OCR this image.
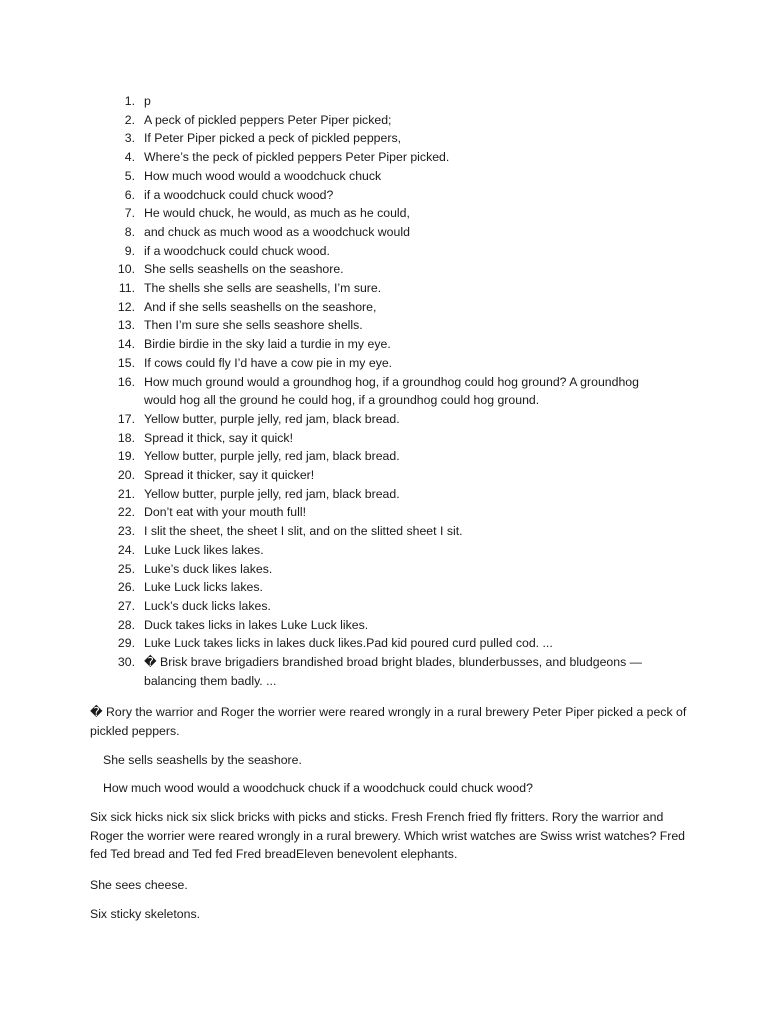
1. p
2. A peck of pickled peppers Peter Piper picked;
3. If Peter Piper picked a peck of pickled peppers,
4. Where’s the peck of pickled peppers Peter Piper picked.
5. How much wood would a woodchuck chuck
6. if a woodchuck could chuck wood?
7. He would chuck, he would, as much as he could,
8. and chuck as much wood as a woodchuck would
9. if a woodchuck could chuck wood.
10. She sells seashells on the seashore.
11. The shells she sells are seashells, I’m sure.
12. And if she sells seashells on the seashore,
13. Then I’m sure she sells seashore shells.
14. Birdie birdie in the sky laid a turdie in my eye.
15. If cows could fly I’d have a cow pie in my eye.
16. How much ground would a groundhog hog, if a groundhog could hog ground? A groundhog would hog all the ground he could hog, if a groundhog could hog ground.
17. Yellow butter, purple jelly, red jam, black bread.
18. Spread it thick, say it quick!
19. Yellow butter, purple jelly, red jam, black bread.
20. Spread it thicker, say it quicker!
21. Yellow butter, purple jelly, red jam, black bread.
22. Don’t eat with your mouth full!
23. I slit the sheet, the sheet I slit, and on the slitted sheet I sit.
24. Luke Luck likes lakes.
25. Luke’s duck likes lakes.
26. Luke Luck licks lakes.
27. Luck’s duck licks lakes.
28. Duck takes licks in lakes Luke Luck likes.
29. Luke Luck takes licks in lakes duck likes.Pad kid poured curd pulled cod. ...
30. � Brisk brave brigadiers brandished broad bright blades, blunderbusses, and bludgeons — balancing them badly. ...

� Rory the warrior and Roger the worrier were reared wrongly in a rural brewery Peter Piper picked a peck of pickled peppers.

She sells seashells by the seashore.

How much wood would a woodchuck chuck if a woodchuck could chuck wood?

Six sick hicks nick six slick bricks with picks and sticks. Fresh French fried fly fritters. Rory the warrior and Roger the worrier were reared wrongly in a rural brewery. Which wrist watches are Swiss wrist watches? Fred fed Ted bread and Ted fed Fred breadEleven benevolent elephants.

She sees cheese.

Six sticky skeletons.
